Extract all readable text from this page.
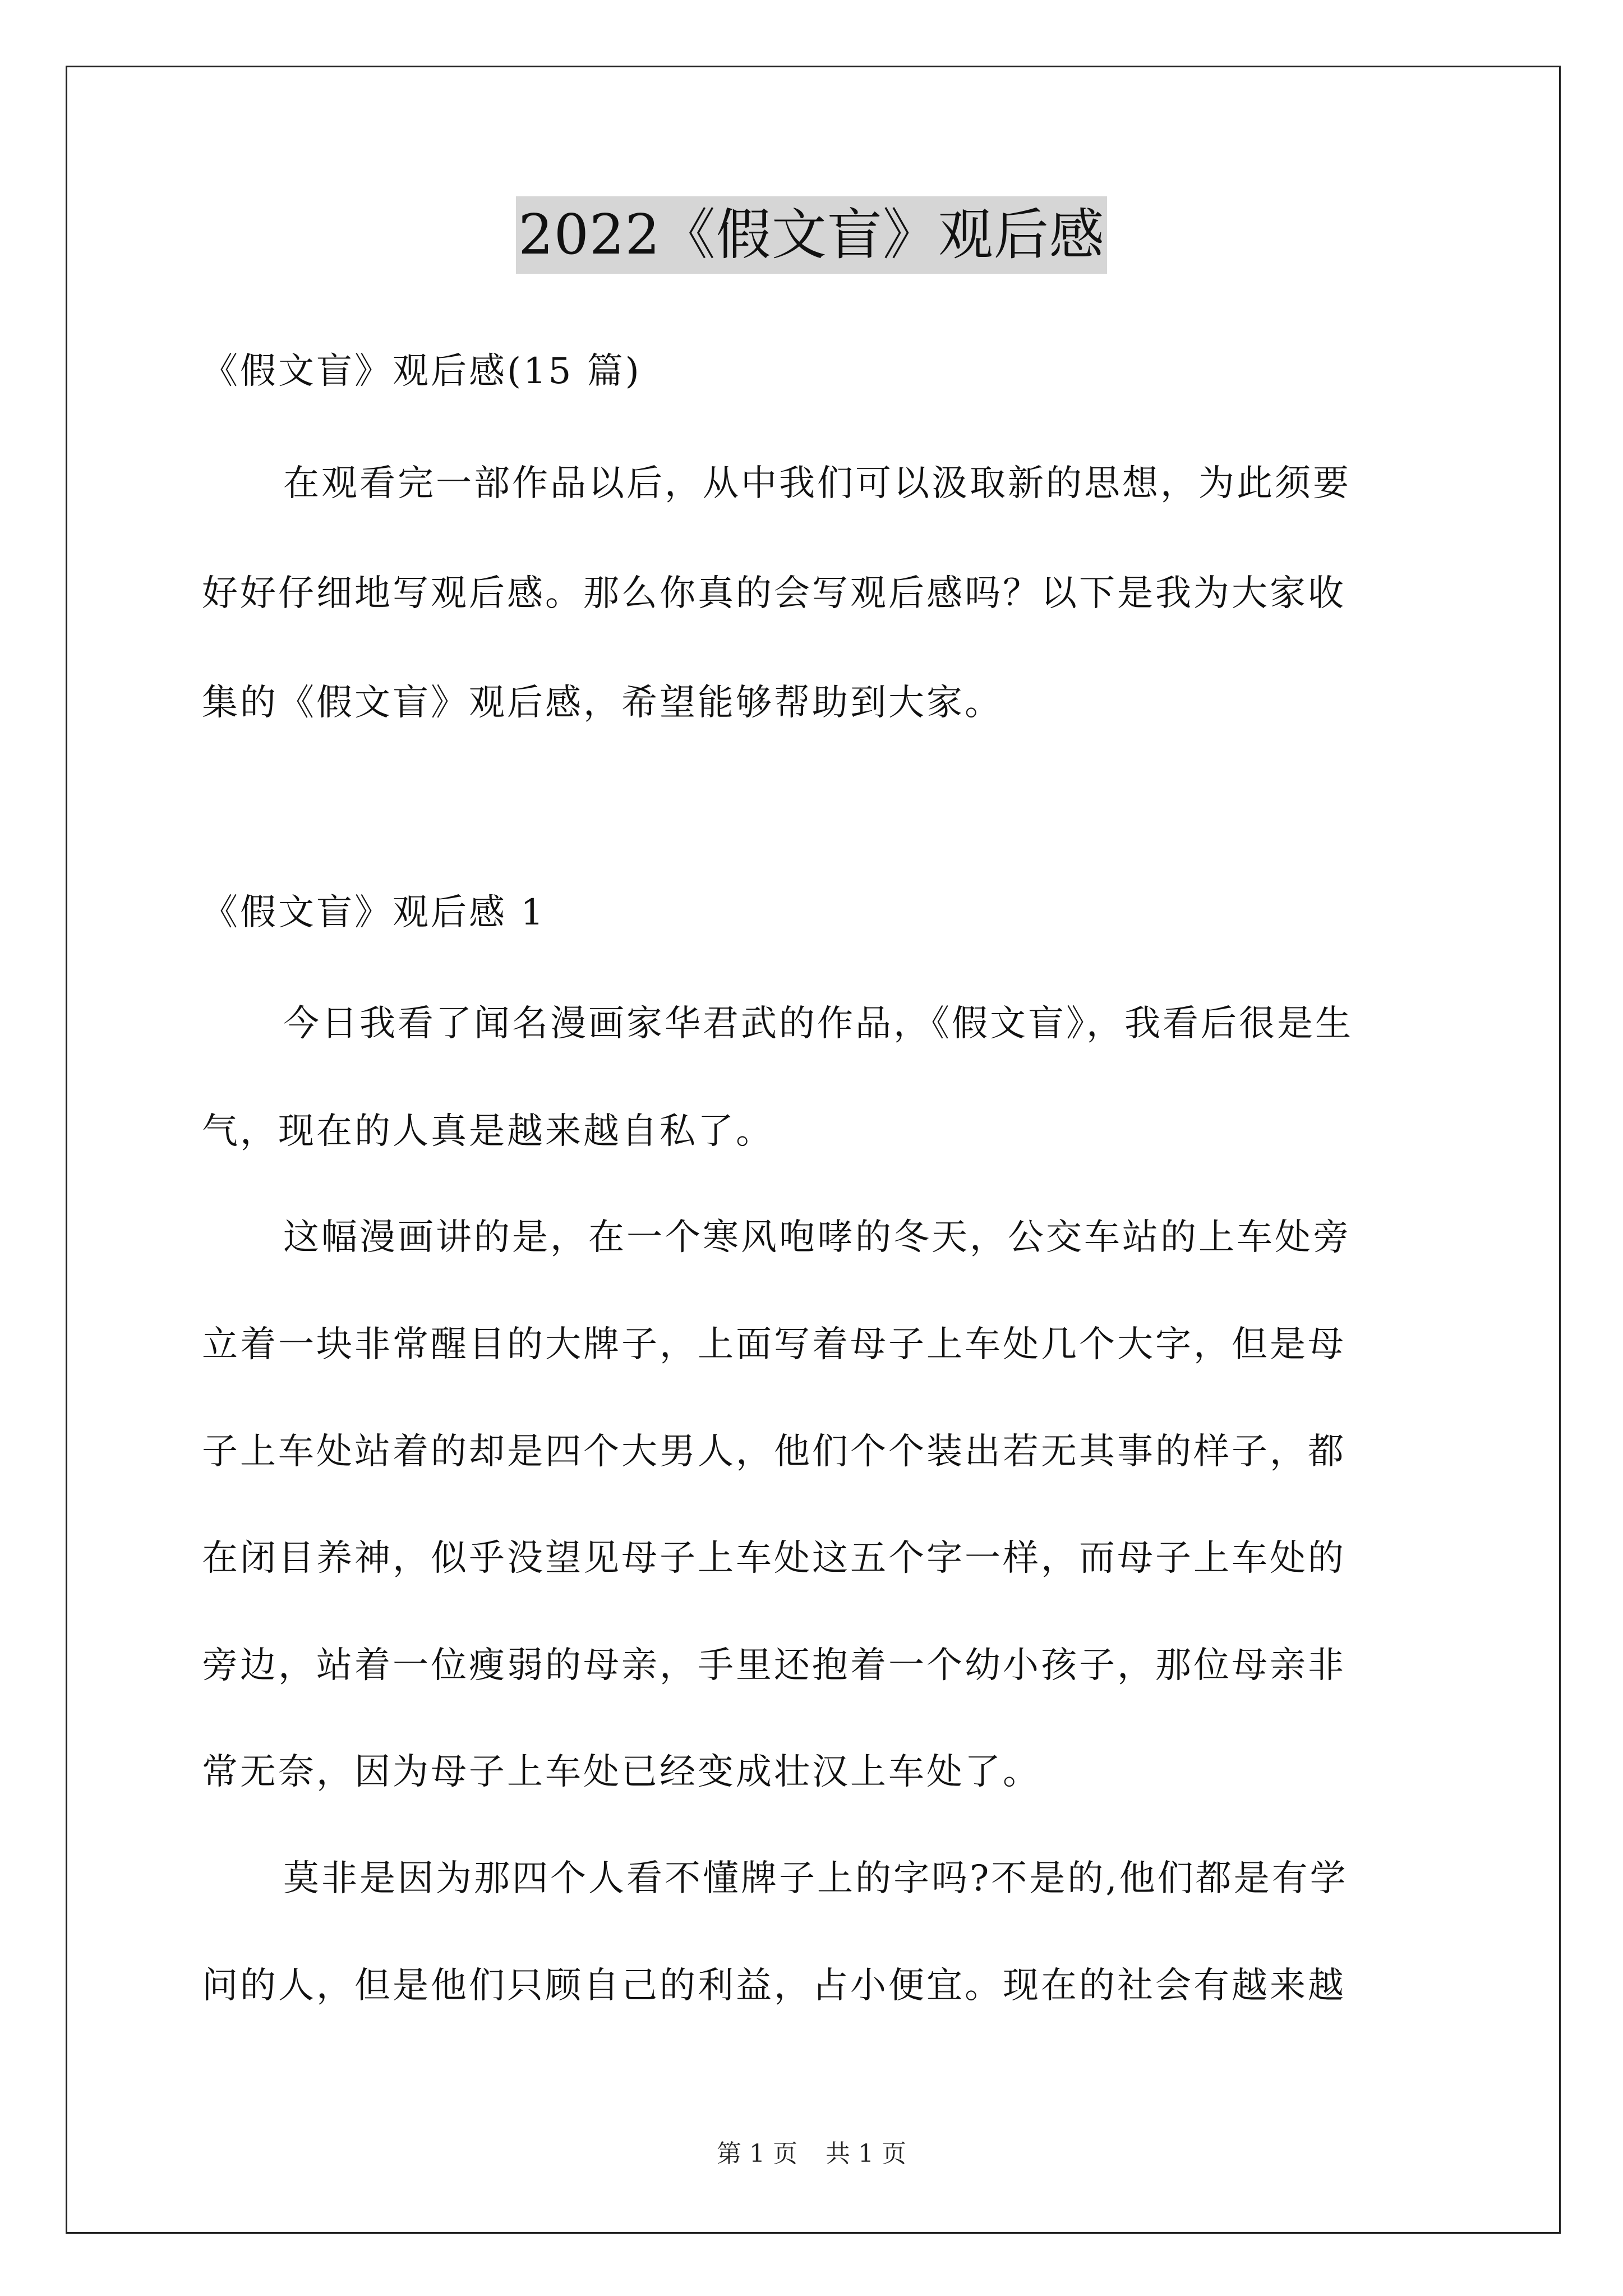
2022《假文盲》观后感
《假文盲》观后感(15 篇)
在观看完一部作品以后，从中我们可以汲取新的思想，为此须要
好好仔细地写观后感。那么你真的会写观后感吗？以下是我为大家收
集的《假文盲》观后感，希望能够帮助到大家。
《假文盲》观后感 1
今日我看了闻名漫画家华君武的作品，《假文盲》，我看后很是生
气，现在的人真是越来越自私了。
这幅漫画讲的是，在一个寒风咆哮的冬天，公交车站的上车处旁
立着一块非常醒目的大牌子，上面写着母子上车处几个大字，但是母
子上车处站着的却是四个大男人，他们个个装出若无其事的样子，都
在闭目养神，似乎没望见母子上车处这五个字一样，而母子上车处的
旁边，站着一位瘦弱的母亲，手里还抱着一个幼小孩子，那位母亲非
常无奈，因为母子上车处已经变成壮汉上车处了。
莫非是因为那四个人看不懂牌子上的字吗?不是的,他们都是有学
问的人，但是他们只顾自己的利益，占小便宜。现在的社会有越来越
第 1 页 共 1 页
